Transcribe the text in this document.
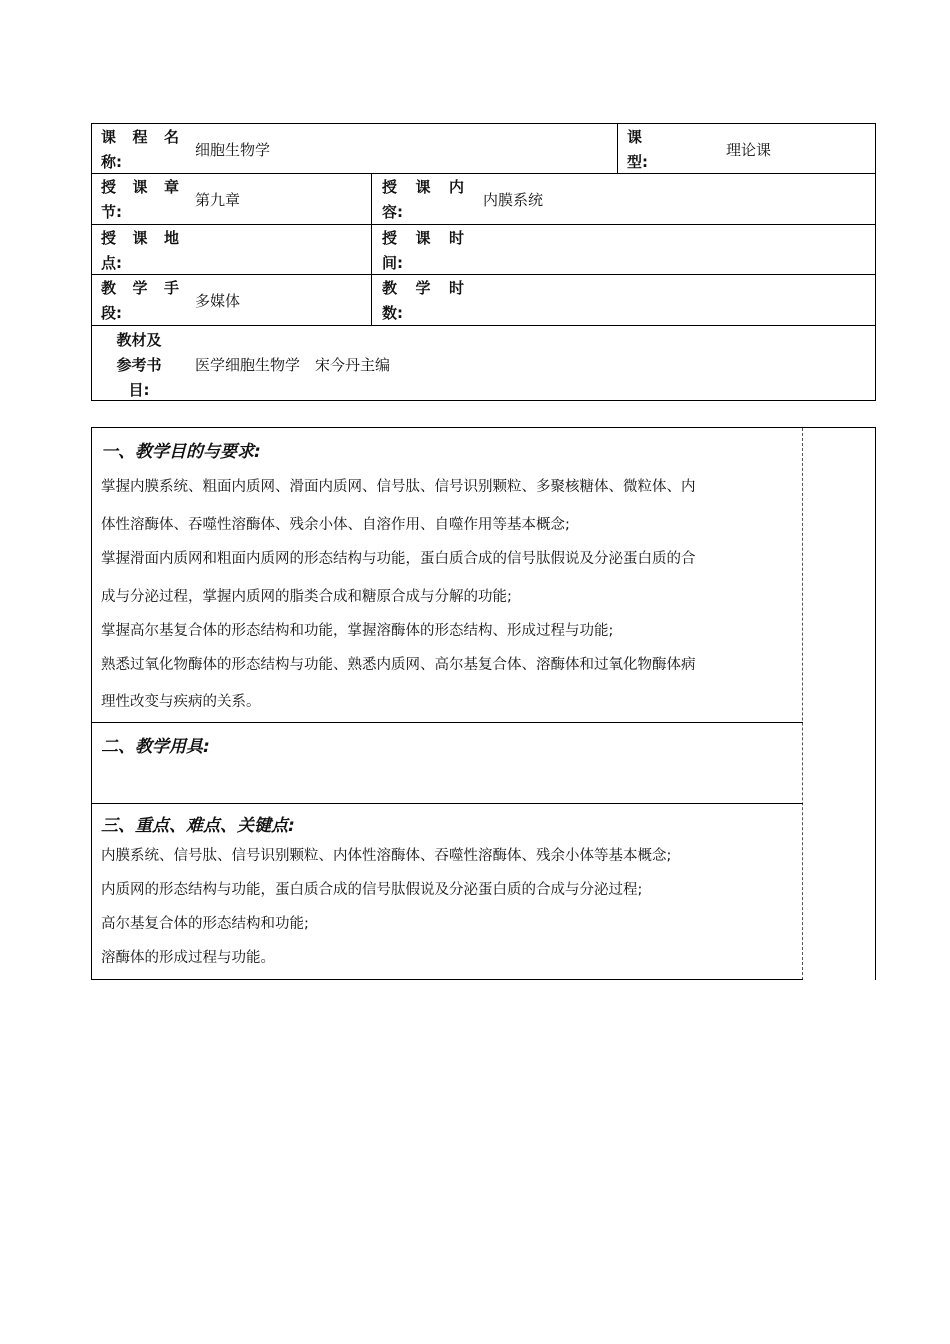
课 程 名
称:
细胞生物学
课
型:
理论课
授 课 章
节:
第九章
授 课 内
容:
内膜系统
授 课 地
点:
授 课 时
间:
教 学 手
段:
多媒体
教 学 时
数:
教材及
参考书
目:
医学细胞生物学　宋今丹主编
一、教学目的与要求:
掌握内膜系统、粗面内质网、滑面内质网、信号肽、信号识别颗粒、多聚核糖体、微粒体、内
体性溶酶体、吞噬性溶酶体、残余小体、自溶作用、自噬作用等基本概念;
掌握滑面内质网和粗面内质网的形态结构与功能，蛋白质合成的信号肽假说及分泌蛋白质的合
成与分泌过程，掌握内质网的脂类合成和糖原合成与分解的功能;
掌握高尔基复合体的形态结构和功能，掌握溶酶体的形态结构、形成过程与功能;
熟悉过氧化物酶体的形态结构与功能、熟悉内质网、高尔基复合体、溶酶体和过氧化物酶体病
理性改变与疾病的关系。
二、教学用具:
三、重点、难点、关键点:
内膜系统、信号肽、信号识别颗粒、内体性溶酶体、吞噬性溶酶体、残余小体等基本概念;
内质网的形态结构与功能，蛋白质合成的信号肽假说及分泌蛋白质的合成与分泌过程;
高尔基复合体的形态结构和功能;
溶酶体的形成过程与功能。
